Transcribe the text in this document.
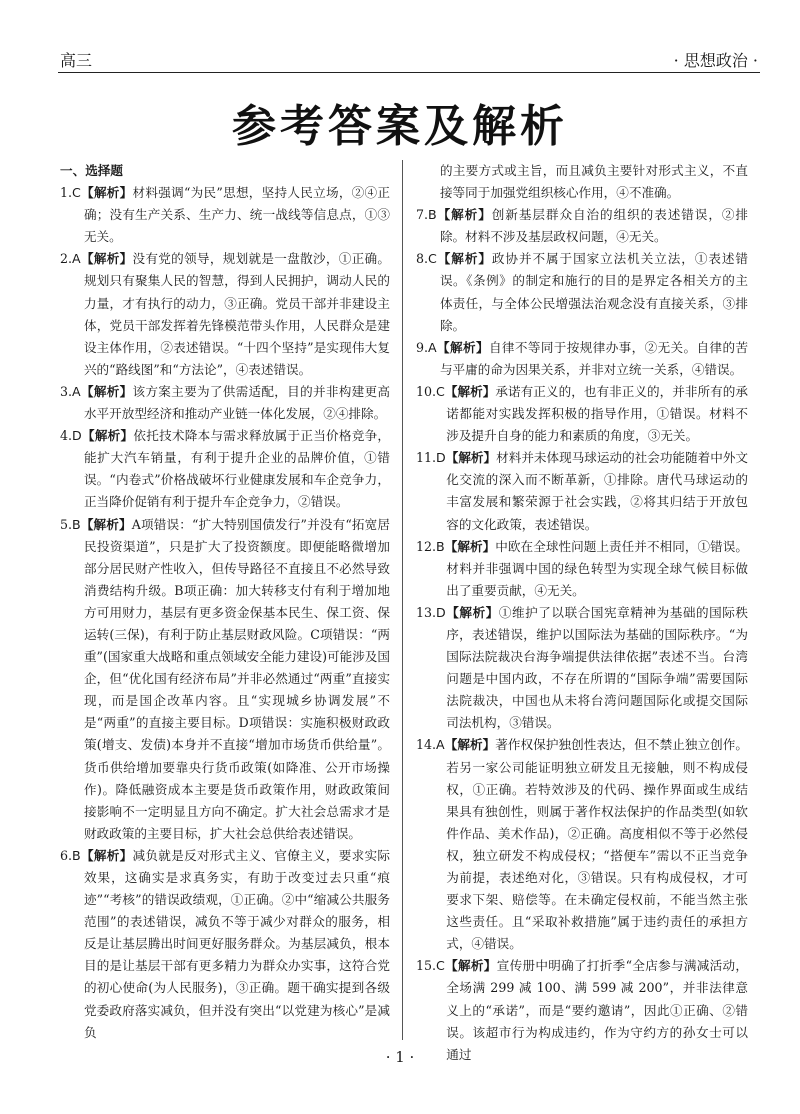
高三	· 思想政治 ·
参考答案及解析
一、选择题

1.C【解析】材料强调“为民”思想，坚持人民立场，②④正确；没有生产关系、生产力、统一战线等信息点，①③无关。

2.A【解析】没有党的领导，规划就是一盘散沙，①正确。规划只有聚集人民的智慧，得到人民拥护，调动人民的力量，才有执行的动力，③正确。党员干部并非建设主体，党员干部发挥着先锋模范带头作用，人民群众是建设主体作用，②表述错误。“十四个坚持”是实现伟大复兴的“路线图”和“方法论”，④表述错误。

3.A【解析】该方案主要为了供需适配，目的并非构建更高水平开放型经济和推动产业链一体化发展，②④排除。

4.D【解析】依托技术降本与需求释放属于正当价格竞争，能扩大汽车销量，有利于提升企业的品牌价值，①错误。“内卷式”价格战破坏行业健康发展和车企竞争力，正当降价促销有利于提升车企竞争力，②错误。

5.B【解析】A项错误：“扩大特别国债发行”并没有“拓宽居民投资渠道”，只是扩大了投资额度。即便能略微增加部分居民财产性收入，但传导路径不直接且不必然导致消费结构升级。B项正确：加大转移支付有利于增加地方可用财力，基层有更多资金保基本民生、保工资、保运转(三保)，有利于防止基层财政风险。C项错误：“两重”(国家重大战略和重点领域安全能力建设)可能涉及国企，但“优化国有经济布局”并非必然通过“两重”直接实现，而是国企改革内容。且“实现城乡协调发展”不是“两重”的直接主要目标。D项错误：实施积极财政政策(增支、发债)本身并不直接“增加市场货币供给量”。货币供给增加要靠央行货币政策(如降准、公开市场操作)。降低融资成本主要是货币政策作用，财政政策间接影响不一定明显且方向不确定。扩大社会总需求才是财政政策的主要目标，扩大社会总供给表述错误。

6.B【解析】减负就是反对形式主义、官僚主义，要求实际效果，这确实是求真务实，有助于改变过去只重“痕迹”“考核”的错误政绩观，①正确。②中“缩减公共服务范围”的表述错误，减负不等于减少对群众的服务，相反是让基层腾出时间更好服务群众。为基层减负，根本目的是让基层干部有更多精力为群众办实事，这符合党的初心使命(为人民服务)，③正确。题干确实提到各级党委政府落实减负，但并没有突出“以党建为核心”是减负

的主要方式或主旨，而且减负主要针对形式主义，不直接等同于加强党组织核心作用，④不准确。

7.B【解析】创新基层群众自治的组织的表述错误，②排除。材料不涉及基层政权问题，④无关。

8.C【解析】政协并不属于国家立法机关立法，①表述错误。《条例》的制定和施行的目的是界定各相关方的主体责任，与全体公民增强法治观念没有直接关系，③排除。

9.A【解析】自律不等同于按规律办事，②无关。自律的苦与平庸的命为因果关系，并非对立统一关系，④错误。

10.C【解析】承诺有正义的，也有非正义的，并非所有的承诺都能对实践发挥积极的指导作用，①错误。材料不涉及提升自身的能力和素质的角度，③无关。

11.D【解析】材料并未体现马球运动的社会功能随着中外文化交流的深入而不断革新，①排除。唐代马球运动的丰富发展和繁荣源于社会实践，②将其归结于开放包容的文化政策，表述错误。

12.B【解析】中欧在全球性问题上责任并不相同，①错误。材料并非强调中国的绿色转型为实现全球气候目标做出了重要贡献，④无关。

13.D【解析】①维护了以联合国宪章精神为基础的国际秩序，表述错误，维护以国际法为基础的国际秩序。“为国际法院裁决台海争端提供法律依据”表述不当。台湾问题是中国内政，不存在所谓的“国际争端”需要国际法院裁决，中国也从未将台湾问题国际化或提交国际司法机构，③错误。

14.A【解析】著作权保护独创性表达，但不禁止独立创作。若另一家公司能证明独立研发且无接触，则不构成侵权，①正确。若特效涉及的代码、操作界面或生成结果具有独创性，则属于著作权法保护的作品类型(如软件作品、美术作品)，②正确。高度相似不等于必然侵权，独立研发不构成侵权；“搭便车”需以不正当竞争为前提，表述绝对化，③错误。只有构成侵权，才可要求下架、赔偿等。在未确定侵权前，不能当然主张这些责任。且“采取补救措施”属于违约责任的承担方式，④错误。

15.C【解析】宣传册中明确了打折季“全店参与满减活动，全场满 299 减 100、满 599 减 200”，并非法律意义上的“承诺”，而是“要约邀请”，因此①正确、②错误。该超市行为构成违约，作为守约方的孙女士可以通过

· 1 ·
